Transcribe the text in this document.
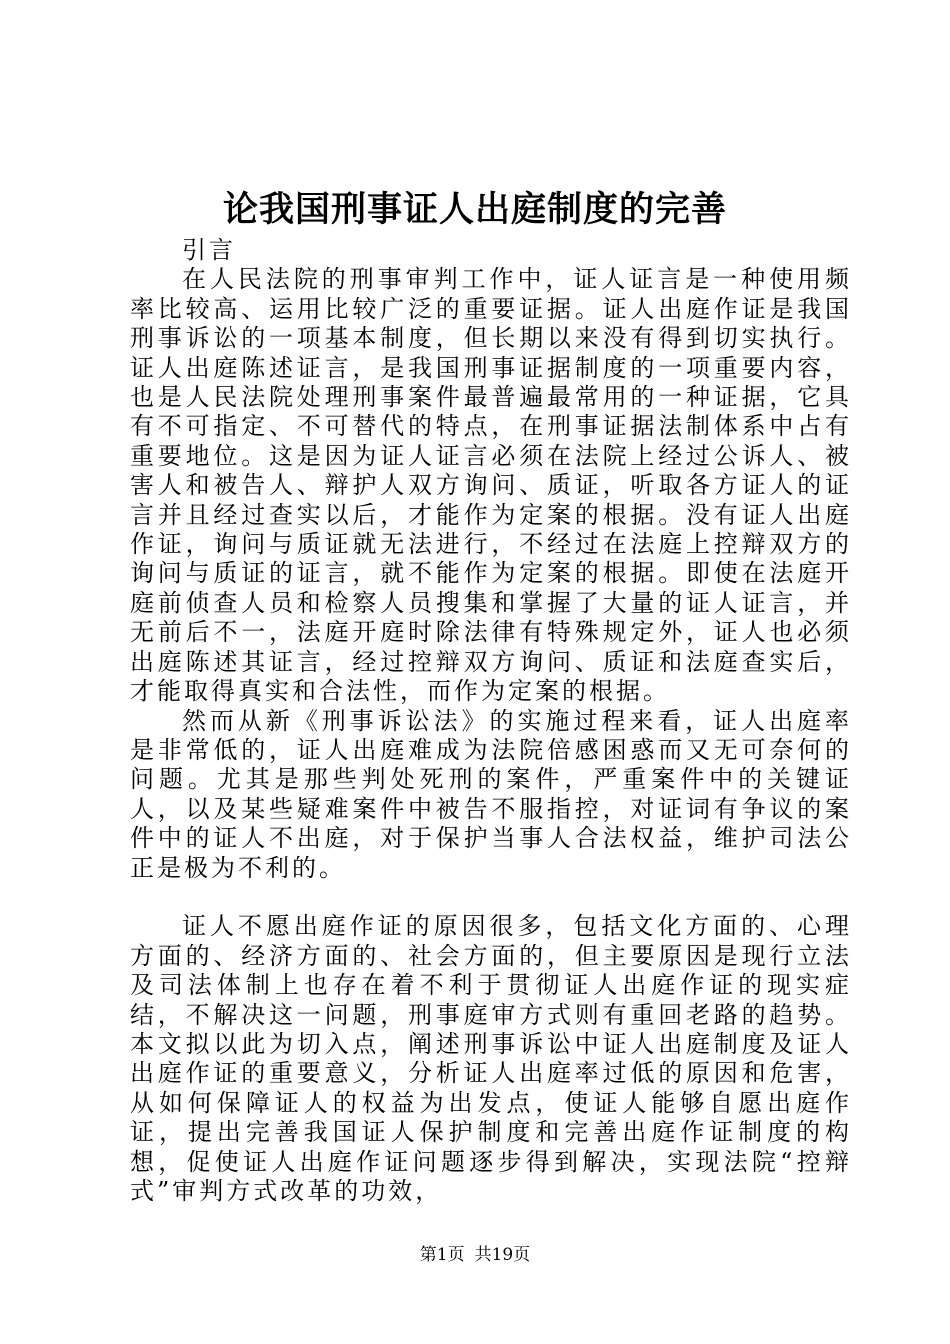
论我国刑事证人出庭制度的完善

引言

在人民法院的刑事审判工作中，证人证言是一种使用频率比较高、运用比较广泛的重要证据。证人出庭作证是我国刑事诉讼的一项基本制度，但长期以来没有得到切实执行。证人出庭陈述证言，是我国刑事证据制度的一项重要内容，也是人民法院处理刑事案件最普遍最常用的一种证据，它具有不可指定、不可替代的特点，在刑事证据法制体系中占有重要地位。这是因为证人证言必须在法院上经过公诉人、被害人和被告人、辩护人双方询问、质证，听取各方证人的证言并且经过查实以后，才能作为定案的根据。没有证人出庭作证，询问与质证就无法进行，不经过在法庭上控辩双方的询问与质证的证言，就不能作为定案的根据。即使在法庭开庭前侦查人员和检察人员搜集和掌握了大量的证人证言，并无前后不一，法庭开庭时除法律有特殊规定外，证人也必须出庭陈述其证言，经过控辩双方询问、质证和法庭查实后，才能取得真实和合法性，而作为定案的根据。

然而从新《刑事诉讼法》的实施过程来看，证人出庭率是非常低的，证人出庭难成为法院倍感困惑而又无可奈何的问题。尤其是那些判处死刑的案件，严重案件中的关键证人，以及某些疑难案件中被告不服指控，对证词有争议的案件中的证人不出庭，对于保护当事人合法权益，维护司法公正是极为不利的。

证人不愿出庭作证的原因很多，包括文化方面的、心理方面的、经济方面的、社会方面的，但主要原因是现行立法及司法体制上也存在着不利于贯彻证人出庭作证的现实症结，不解决这一问题，刑事庭审方式则有重回老路的趋势。本文拟以此为切入点，阐述刑事诉讼中证人出庭制度及证人出庭作证的重要意义，分析证人出庭率过低的原因和危害，从如何保障证人的权益为出发点，使证人能够自愿出庭作证，提出完善我国证人保护制度和完善出庭作证制度的构想，促使证人出庭作证问题逐步得到解决，实现法院“控辩式”审判方式改革的功效，

第1页 共19页
